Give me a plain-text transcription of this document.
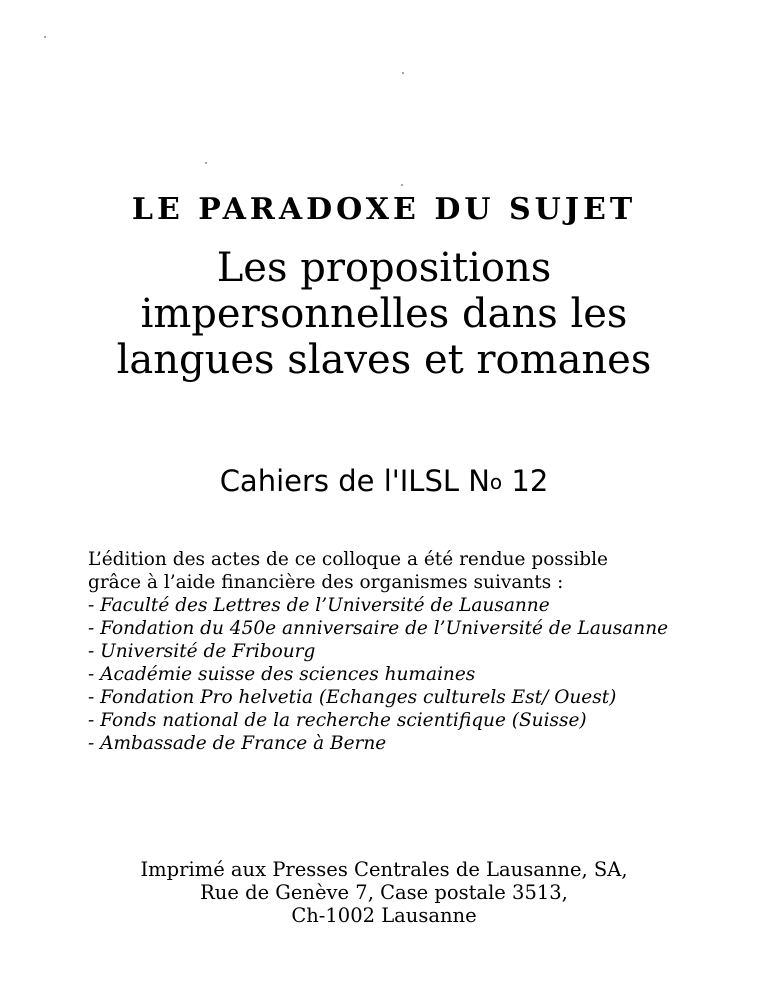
LE PARADOXE DU SUJET
Les propositions
impersonnelles dans les
langues slaves et romanes
Cahiers de l'ILSL $N^o$ 12
L’édition des actes de ce colloque a été rendue possible
grâce à l’aide financière des organismes suivants :
- Faculté des Lettres de l’Université de Lausanne
- Fondation du 450e anniversaire de l’Université de Lausanne
- Université de Fribourg
- Académie suisse des sciences humaines
- Fondation Pro helvetia (Echanges culturels Est/ Ouest)
- Fonds national de la recherche scientifique (Suisse)
- Ambassade de France à Berne
Imprimé aux Presses Centrales de Lausanne, SA,
Rue de Genève 7, Case postale 3513,
Ch-1002 Lausanne
